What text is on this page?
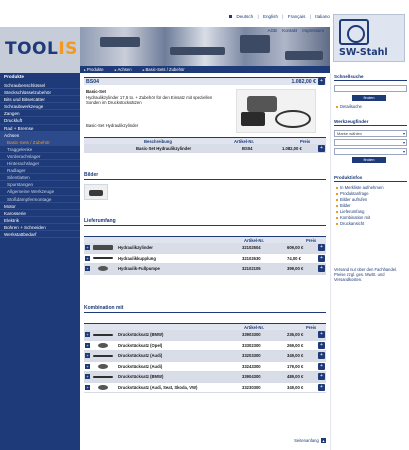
Deutsch | English | Français | Italiano
TOOLIS
AGB Kontakt Impressum
▸Produkte	▸Achsen	▸Basic-Sets / Zubehör
SW-Stahl
Produkte
Schraubenschlüssel
Steckschlüsselzubehör
Bits und Bitsetcätter
Schraubwerkzeuge
Zangen
Druckluft
Rad + Bremse
Achsen
Basic-Sets / Zubehör
Traggelenke
Vorderachslager
Hinterachslager
Radlager
Silentlatten
Spurstangen
Allgemeine Werkzeuge
Stoßdämpfermontage
Motor
Karosserie
Elektrik
Bohren + Schneiden
Werkstattbedarf
BS04	1.082,00 € +
Basic-Set
Hydraulikzylinder 17,5 to. + Zubehör für den Einsatz mit speziellen Sonden im Druckstücksätzen
Basic-Set Hydraulikzylinder
Beschreibung	Artikel-Nr.	Preis
Basic-Set Hydraulikzylinder	BS04	1.082,00 €	+
Bilder
Lieferumfang
Artikel-Nr.	Preis
+	Hydraulikzylinder	32102504	609,00 €	+
+	Hydraulikkupplung	32102630	74,00 €	+
+	Hydraulik-Fußpumpe	32102105	399,00 €	+
Kombination mit
Artikel-Nr.	Preis
+	Druckstücksatz (BMW)	33903300	236,00 €	+
+	Druckstücksatz (Opel)	33302300	269,00 €	+
+	Druckstücksatz (Audi)	33203300	349,00 €	+
+	Druckstücksatz (Audi)	33243300	179,00 €	+
+	Druckstücksatz (BMW)	33904300	489,00 €	+
+	Druckstücksatz (Audi, Seat, Skoda, VW)	33230300	349,00 €	+
Seitenanfang ▴
Schnellsuche
finden
Detailsuche
Werkzeugfinder
Marke wählen ▾
▾
▾
finden
Produktinfos
In Merkliste aufnehmen
Produktanfrage
Bilder aufrufen
Bilder
Lieferumfang
Kombination mit
Druckansicht
Versand nur über den Fachhandel. Preise zzgl. ges. MwSt. und Versandkosten.
